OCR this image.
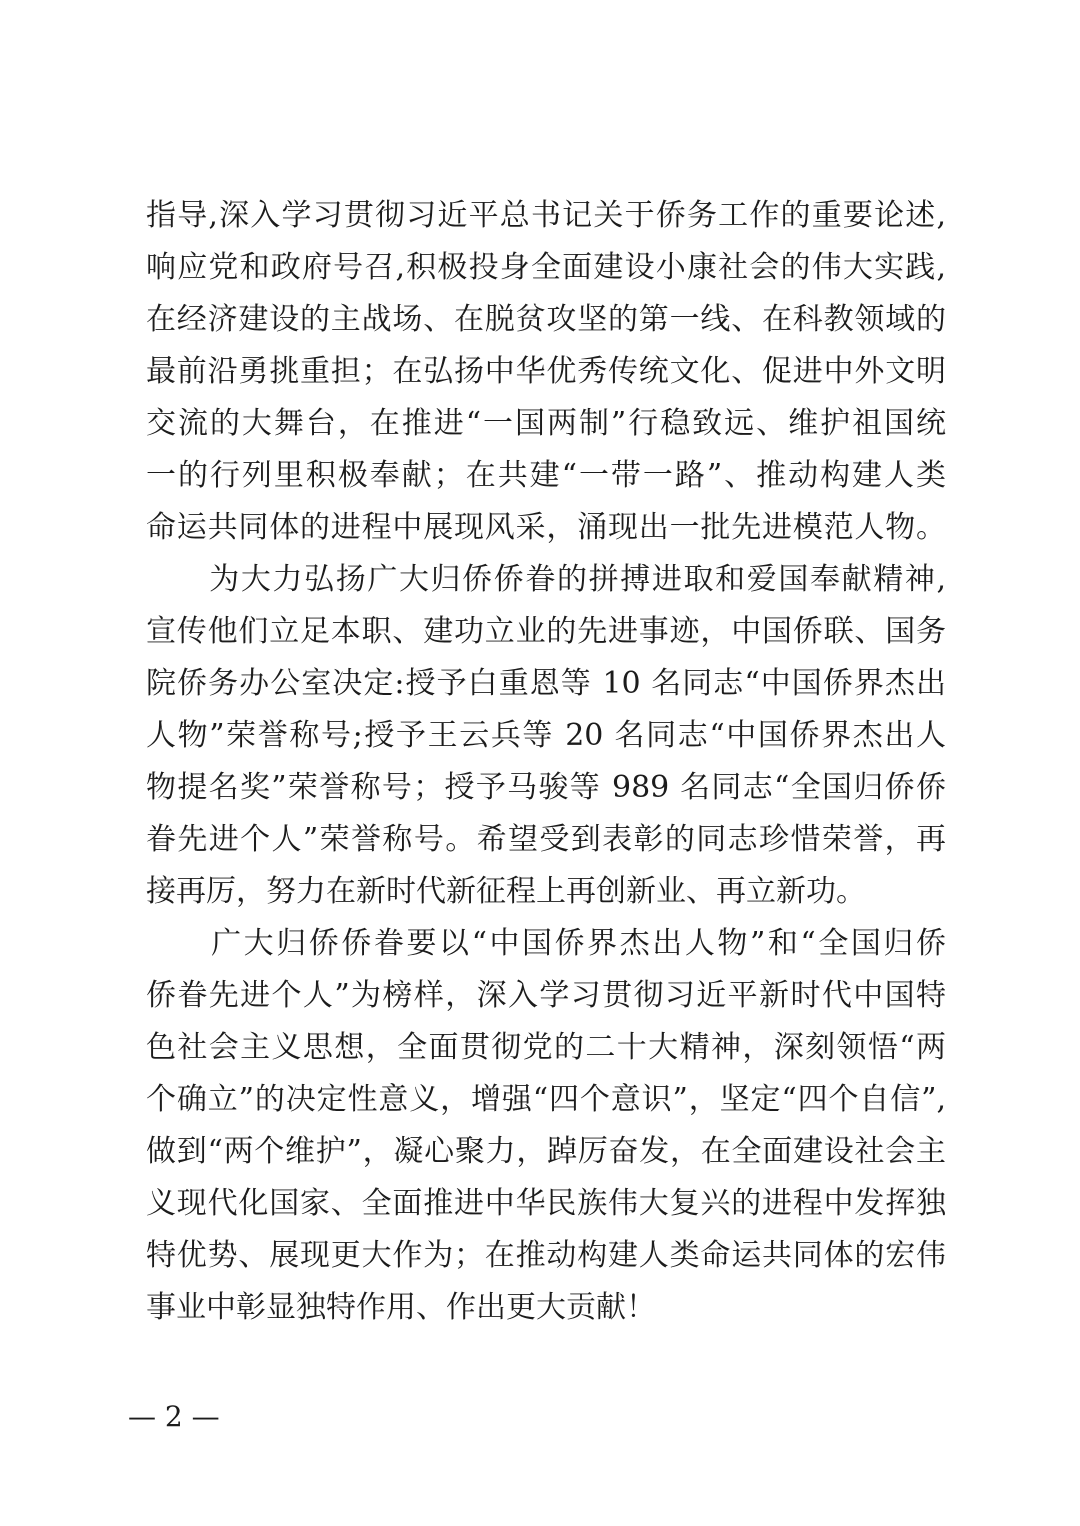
指导,深入学习贯彻习近平总书记关于侨务工作的重要论述,
响应党和政府号召,积极投身全面建设小康社会的伟大实践,
在经济建设的主战场、在脱贫攻坚的第一线、在科教领域的
最前沿勇挑重担；在弘扬中华优秀传统文化、促进中外文明
交流的大舞台，在推进“一国两制”行稳致远、维护祖国统
一的行列里积极奉献；在共建“一带一路”、推动构建人类
命运共同体的进程中展现风采，涌现出一批先进模范人物。
　　为大力弘扬广大归侨侨眷的拼搏进取和爱国奉献精神,
宣传他们立足本职、建功立业的先进事迹，中国侨联、国务
院侨务办公室决定:授予白重恩等 10 名同志“中国侨界杰出
人物”荣誉称号;授予王云兵等 20 名同志“中国侨界杰出人
物提名奖”荣誉称号；授予马骏等 989 名同志“全国归侨侨
眷先进个人”荣誉称号。希望受到表彰的同志珍惜荣誉，再
接再厉，努力在新时代新征程上再创新业、再立新功。
　　广大归侨侨眷要以“中国侨界杰出人物”和“全国归侨
侨眷先进个人”为榜样，深入学习贯彻习近平新时代中国特
色社会主义思想，全面贯彻党的二十大精神，深刻领悟“两
个确立”的决定性意义，增强“四个意识”，坚定“四个自信”,
做到“两个维护”，凝心聚力，踔厉奋发，在全面建设社会主
义现代化国家、全面推进中华民族伟大复兴的进程中发挥独
特优势、展现更大作为；在推动构建人类命运共同体的宏伟
事业中彰显独特作用、作出更大贡献！
— 2 —
